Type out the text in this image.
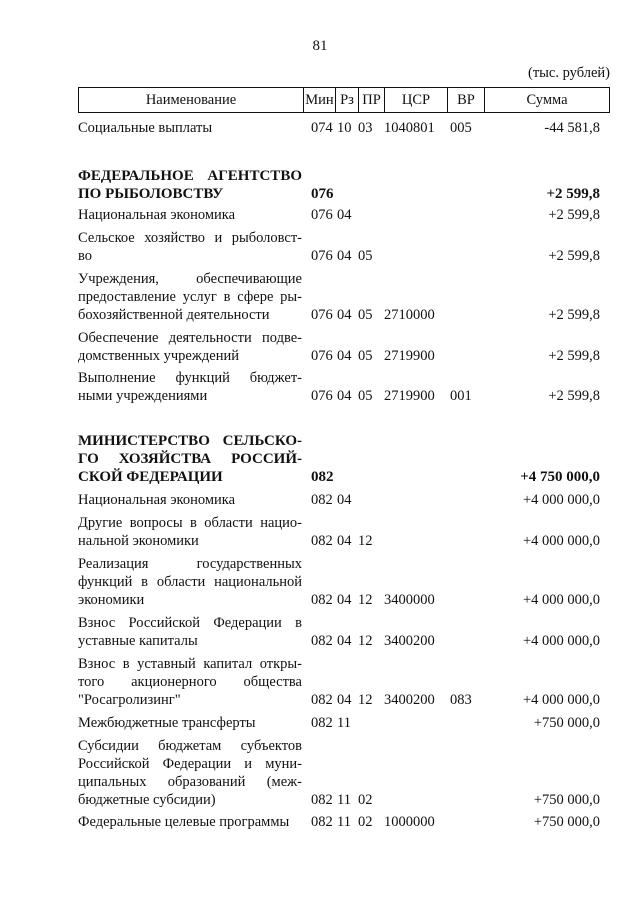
81
(тыс. рублей)
Наименование	Мин Рз ПР	ЦСР	ВР	Сумма
Социальные выплаты	074 10 03 1040801 005	-44 581,8
ФЕДЕРАЛЬНОЕ АГЕНТСТВО
ПО РЫБОЛОВСТВУ	076	+2 599,8
Национальная экономика	076 04	+2 599,8
Сельское хозяйство и рыболовст-
во	076 04 05	+2 599,8
Учреждения, обеспечивающие
предоставление услуг в сфере ры-
бохозяйственной деятельности	076 04 05 2710000	+2 599,8
Обеспечение деятельности подве-
домственных учреждений	076 04 05 2719900	+2 599,8
Выполнение функций бюджет-
ными учреждениями	076 04 05 2719900 001	+2 599,8
МИНИСТЕРСТВО СЕЛЬСКО-
ГО ХОЗЯЙСТВА РОССИЙ-
СКОЙ ФЕДЕРАЦИИ	082	+4 750 000,0
Национальная экономика	082 04	+4 000 000,0
Другие вопросы в области нацио-
нальной экономики	082 04 12	+4 000 000,0
Реализация государственных
функций в области национальной
экономики	082 04 12 3400000	+4 000 000,0
Взнос Российской Федерации в
уставные капиталы	082 04 12 3400200	+4 000 000,0
Взнос в уставный капитал откры-
того акционерного общества
"Росагролизинг"	082 04 12 3400200 083	+4 000 000,0
Межбюджетные трансферты	082 11	+750 000,0
Субсидии бюджетам субъектов
Российской Федерации и муни-
ципальных образований (меж-
бюджетные субсидии)	082 11 02	+750 000,0
Федеральные целевые программы	082 11 02 1000000	+750 000,0
